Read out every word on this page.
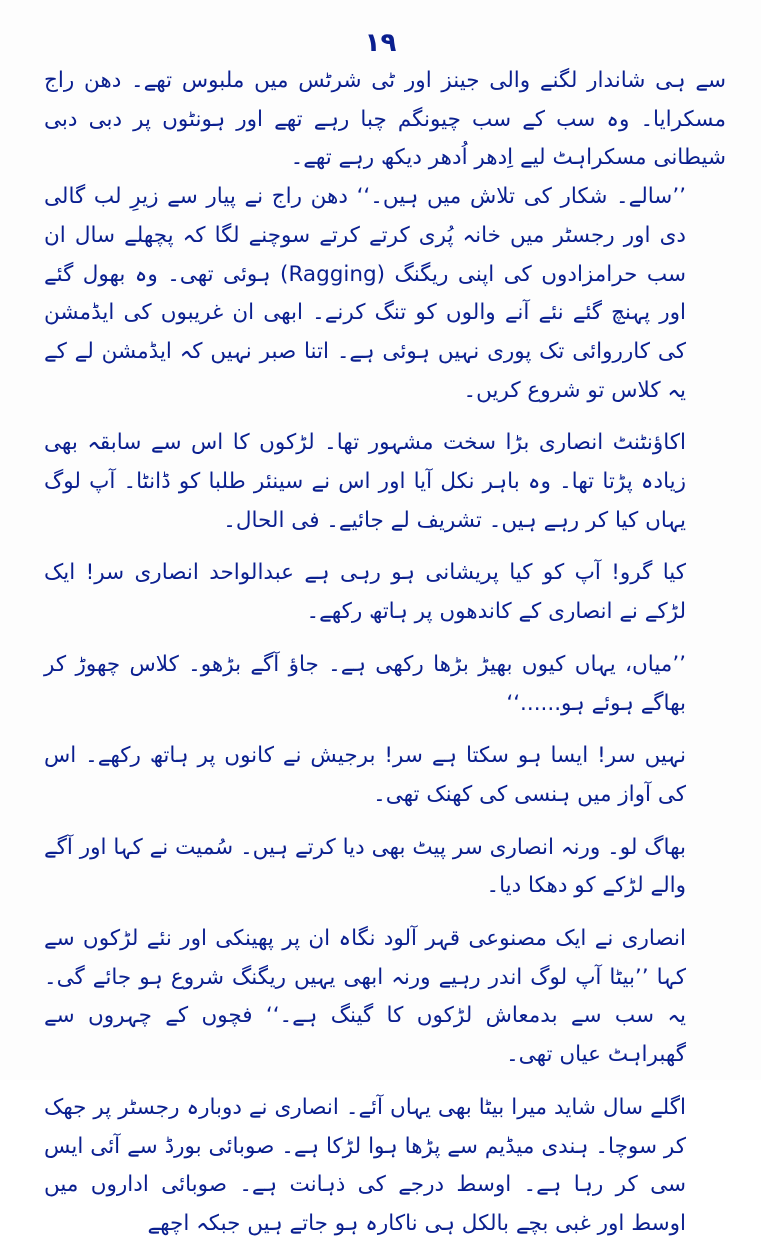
۱۹

سے ہی شاندار لگنے والی جینز اور ٹی شرٹس میں ملبوس تھے۔ دھن راج مسکرایا۔ وہ سب کے سب چیونگم چبا رہے تھے اور ہونٹوں پر دبی دبی شیطانی مسکراہٹ لیے اِدھر اُدھر دیکھ رہے تھے۔

’’سالے۔ شکار کی تلاش میں ہیں۔‘‘ دھن راج نے پیار سے زیرِ لب گالی دی اور رجسٹر میں خانہ پُری کرتے کرتے سوچنے لگا کہ پچھلے سال ان سب حرامزادوں کی اپنی ریگنگ (Ragging) ہوئی تھی۔ وہ بھول گئے اور پہنچ گئے نئے آنے والوں کو تنگ کرنے۔ ابھی ان غریبوں کی ایڈمشن کی کارروائی تک پوری نہیں ہوئی ہے۔ اتنا صبر نہیں کہ ایڈمشن لے کے یہ کلاس تو شروع کریں۔

اکاؤنٹنٹ انصاری بڑا سخت مشہور تھا۔ لڑکوں کا اس سے سابقہ بھی زیادہ پڑتا تھا۔ وہ باہر نکل آیا اور اس نے سینئر طلبا کو ڈانٹا۔ آپ لوگ یہاں کیا کر رہے ہیں۔ تشریف لے جائیے۔ فی الحال۔

کیا گرو! آپ کو کیا پریشانی ہو رہی ہے عبدالواحد انصاری سر! ایک لڑکے نے انصاری کے کاندھوں پر ہاتھ رکھے۔

’’میاں، یہاں کیوں بھیڑ بڑھا رکھی ہے۔ جاؤ آگے بڑھو۔ کلاس چھوڑ کر بھاگے ہوئے ہو......‘‘

نہیں سر! ایسا ہو سکتا ہے سر! برجیش نے کانوں پر ہاتھ رکھے۔ اس کی آواز میں ہنسی کی کھنک تھی۔

بھاگ لو۔ ورنہ انصاری سر پیٹ بھی دیا کرتے ہیں۔ سُمیت نے کہا اور آگے والے لڑکے کو دھکا دیا۔

انصاری نے ایک مصنوعی قہر آلود نگاہ ان پر پھینکی اور نئے لڑکوں سے کہا ’’بیٹا آپ لوگ اندر رہیے ورنہ ابھی یہیں ریگنگ شروع ہو جائے گی۔ یہ سب سے بدمعاش لڑکوں کا گینگ ہے۔‘‘ فچوں کے چہروں سے گھبراہٹ عیاں تھی۔

اگلے سال شاید میرا بیٹا بھی یہاں آئے۔ انصاری نے دوبارہ رجسٹر پر جھک کر سوچا۔ ہندی میڈیم سے پڑھا ہوا لڑکا ہے۔ صوبائی بورڈ سے آئی ایس سی کر رہا ہے۔ اوسط درجے کی ذہانت ہے۔ صوبائی اداروں میں اوسط اور غبی بچے بالکل ہی ناکارہ ہو جاتے ہیں جبکہ اچھے
